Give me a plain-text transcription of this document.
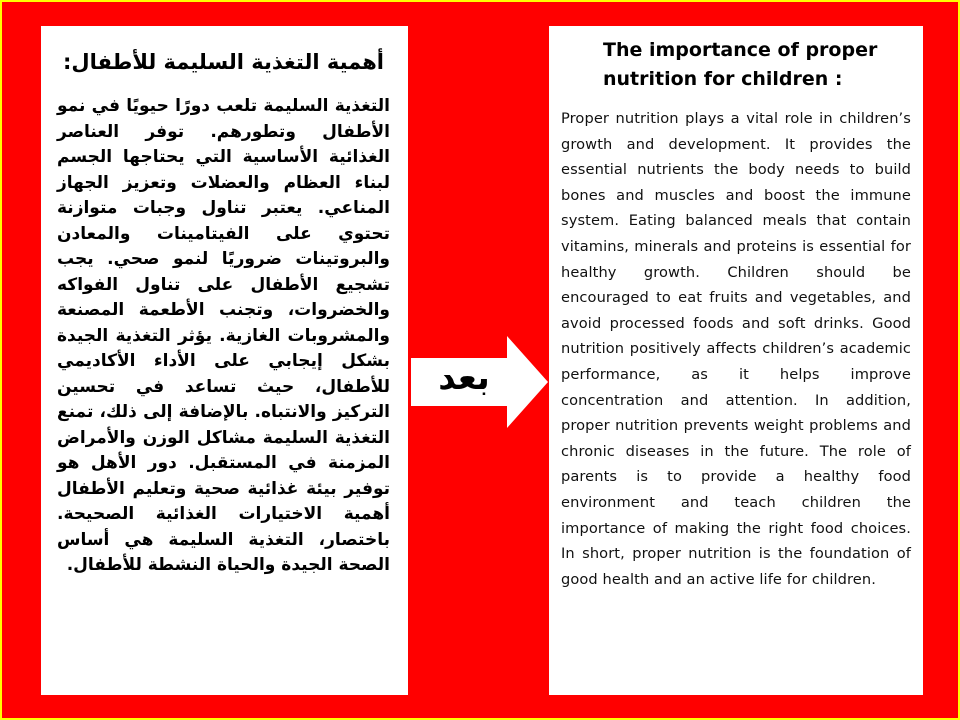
أهمية التغذية السليمة للأطفال:

التغذية السليمة تلعب دورًا حيويًا في نمو الأطفال وتطورهم. توفر العناصر الغذائية الأساسية التي يحتاجها الجسم لبناء العظام والعضلات وتعزيز الجهاز المناعي. يعتبر تناول وجبات متوازنة تحتوي على الفيتامينات والمعادن والبروتينات ضروريًا لنمو صحي. يجب تشجيع الأطفال على تناول الفواكه والخضروات، وتجنب الأطعمة المصنعة والمشروبات الغازية. يؤثر التغذية الجيدة بشكل إيجابي على الأداء الأكاديمي للأطفال، حيث تساعد في تحسين التركيز والانتباه. بالإضافة إلى ذلك، تمنع التغذية السليمة مشاكل الوزن والأمراض المزمنة في المستقبل. دور الأهل هو توفير بيئة غذائية صحية وتعليم الأطفال أهمية الاختيارات الغذائية الصحيحة. باختصار، التغذية السليمة هي أساس الصحة الجيدة والحياة النشطة للأطفال.

بعد
The importance of proper nutrition for children :

Proper nutrition plays a vital role in children’s growth and development. It provides the essential nutrients the body needs to build bones and muscles and boost the immune system. Eating balanced meals that contain vitamins, minerals and proteins is essential for healthy growth. Children should be encouraged to eat fruits and vegetables, and avoid processed foods and soft drinks. Good nutrition positively affects children’s academic performance, as it helps improve concentration and attention. In addition, proper nutrition prevents weight problems and chronic diseases in the future. The role of parents is to provide a healthy food environment and teach children the importance of making the right food choices. In short, proper nutrition is the foundation of good health and an active life for children.
